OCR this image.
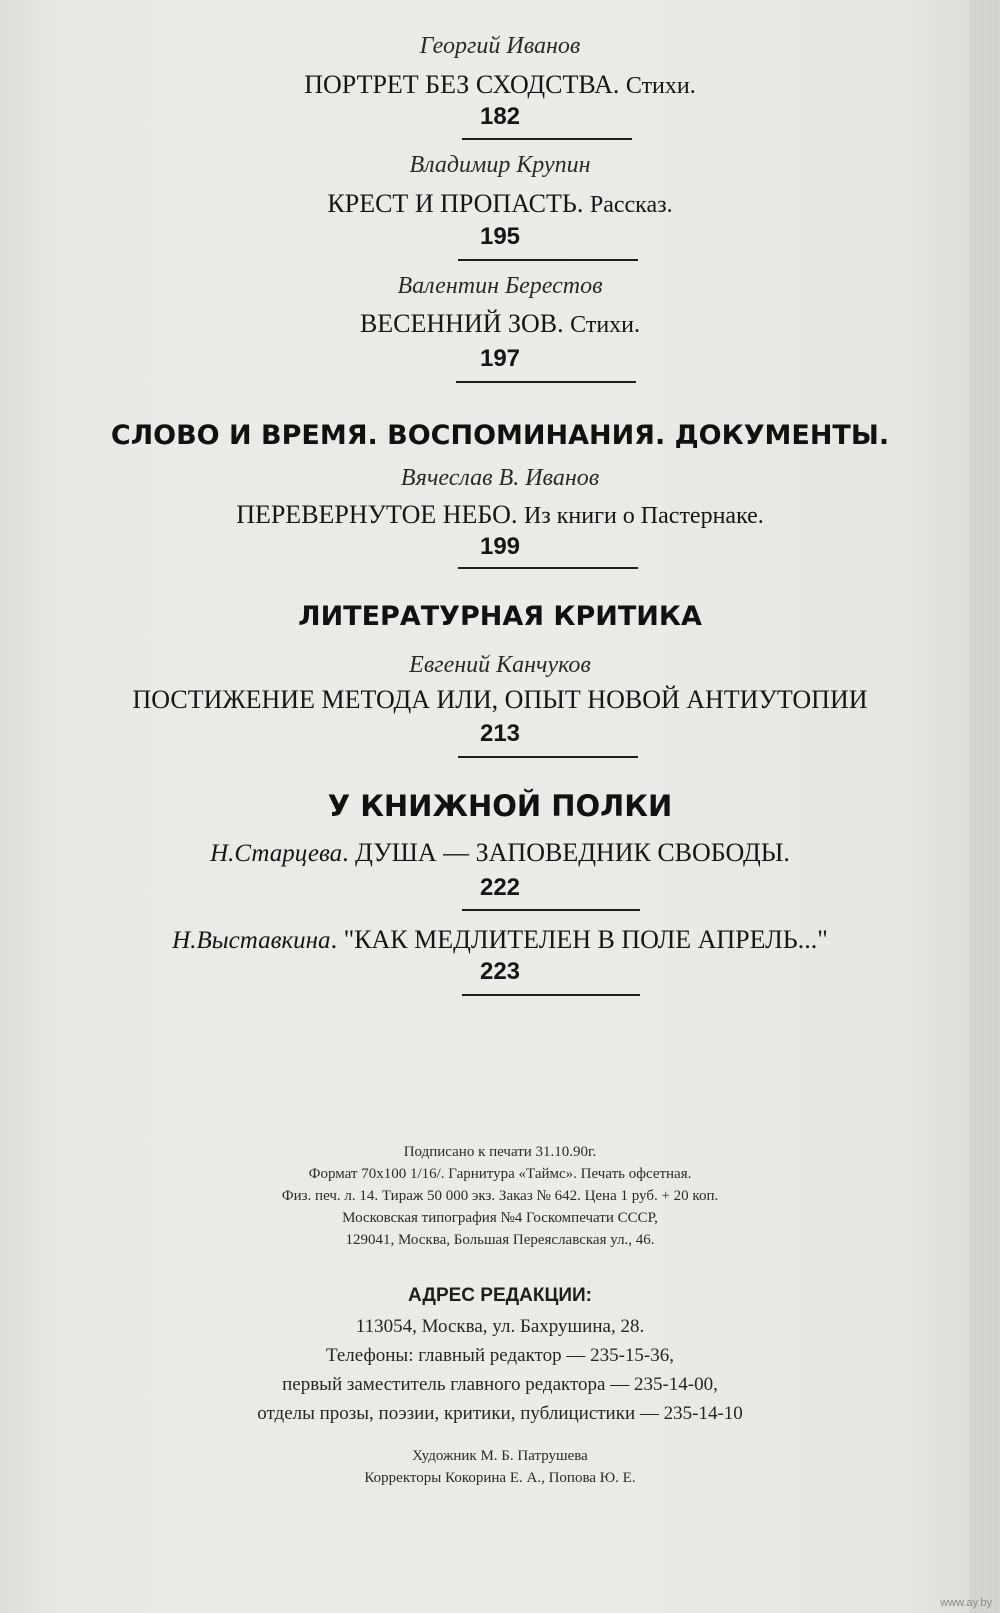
Георгий Иванов
ПОРТРЕТ БЕЗ СХОДСТВА. Стихи.
182
Владимир Крупин
КРЕСТ И ПРОПАСТЬ. Рассказ.
195
Валентин Берестов
ВЕСЕННИЙ ЗОВ. Стихи.
197
СЛОВО И ВРЕМЯ. ВОСПОМИНАНИЯ. ДОКУМЕНТЫ.
Вячеслав В. Иванов
ПЕРЕВЕРНУТОЕ НЕБО. Из книги о Пастернаке.
199
ЛИТЕРАТУРНАЯ КРИТИКА
Евгений Канчуков
ПОСТИЖЕНИЕ МЕТОДА ИЛИ, ОПЫТ НОВОЙ АНТИУТОПИИ
213
У КНИЖНОЙ ПОЛКИ
Н.Старцева. ДУША — ЗАПОВЕДНИК СВОБОДЫ.
222
Н.Выставкина. "КАК МЕДЛИТЕЛЕН В ПОЛЕ АПРЕЛЬ..."
223
Подписано к печати 31.10.90г.
Формат 70х100 1/16/. Гарнитура «Таймс». Печать офсетная.
Физ. печ. л. 14. Тираж 50 000 экз. Заказ № 642. Цена 1 руб. + 20 коп.
Московская типография №4 Госкомпечати СССР,
129041, Москва, Большая Переяславская ул., 46.
АДРЕС РЕДАКЦИИ:
113054, Москва, ул. Бахрушина, 28.
Телефоны: главный редактор — 235-15-36,
первый заместитель главного редактора — 235-14-00,
отделы прозы, поэзии, критики, публицистики — 235-14-10
Художник М. Б. Патрушева
Корректоры Кокорина Е. А., Попова Ю. Е.
www.ay.by
